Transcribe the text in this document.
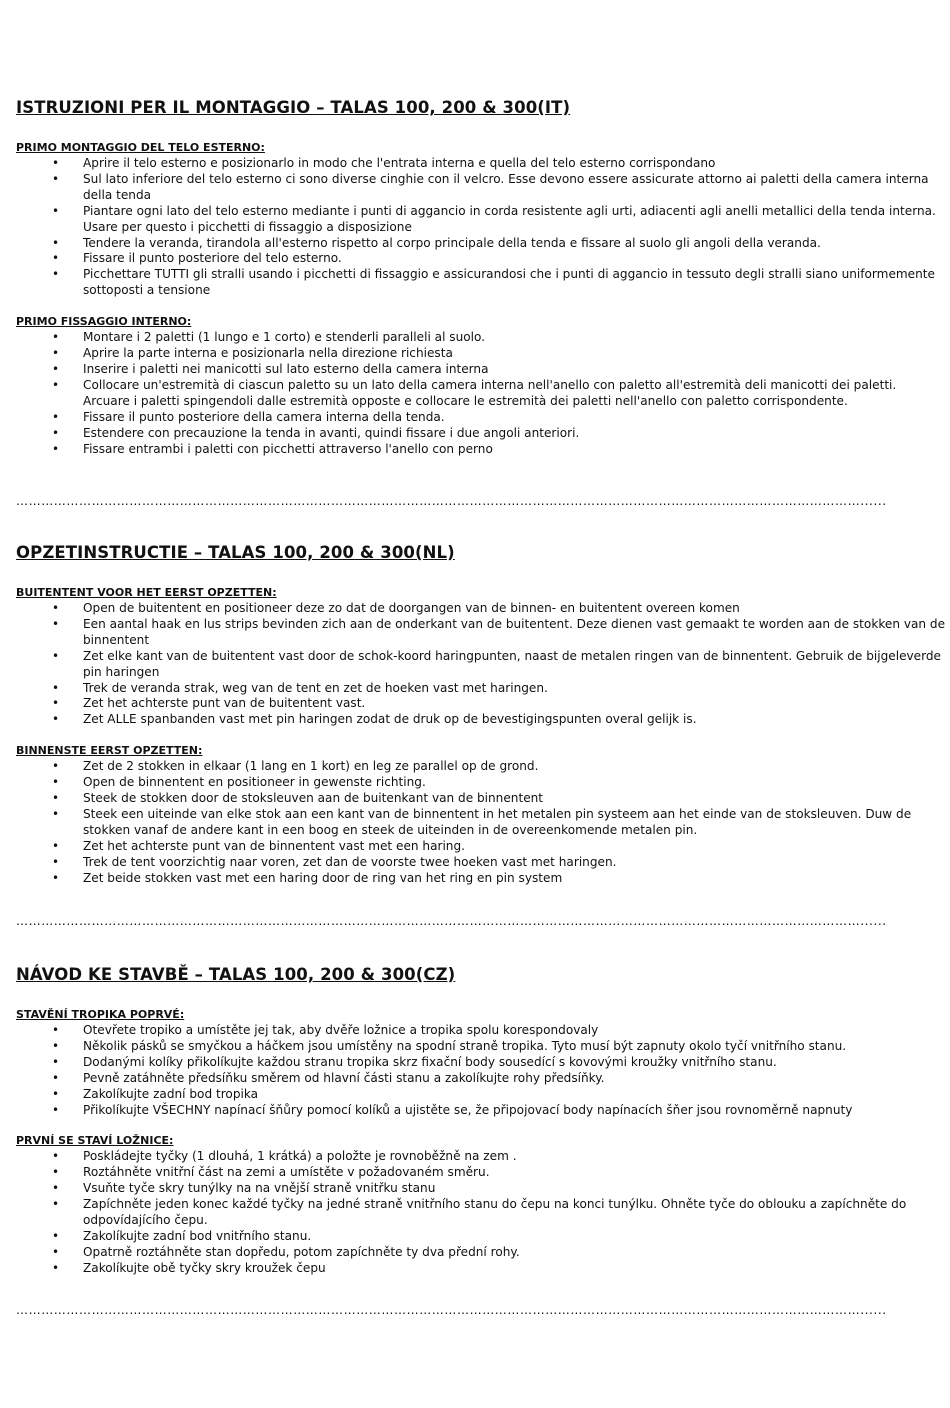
ISTRUZIONI PER IL MONTAGGIO – TALAS 100, 200 & 300(IT)
PRIMO MONTAGGIO DEL TELO ESTERNO:
• Aprire il telo esterno e posizionarlo in modo che l'entrata interna e quella del telo esterno corrispondano
• Sul lato inferiore del telo esterno ci sono diverse cinghie con il velcro. Esse devono essere assicurate attorno ai paletti della camera interna della tenda
• Piantare ogni lato del telo esterno mediante i punti di aggancio in corda resistente agli urti, adiacenti agli anelli metallici della tenda interna. Usare per questo i picchetti di fissaggio a disposizione
• Tendere la veranda, tirandola all'esterno rispetto al corpo principale della tenda e fissare al suolo gli angoli della veranda.
• Fissare il punto posteriore del telo esterno.
• Picchettare TUTTI gli stralli usando i picchetti di fissaggio e assicurandosi che i punti di aggancio in tessuto degli stralli siano uniformemente sottoposti a tensione
PRIMO FISSAGGIO INTERNO:
• Montare i 2 paletti (1 lungo e 1 corto) e stenderli paralleli al suolo.
• Aprire la parte interna e posizionarla nella direzione richiesta
• Inserire i paletti nei manicotti sul lato esterno della camera interna
• Collocare un'estremità di ciascun paletto su un lato della camera interna nell'anello con paletto all'estremità deli manicotti dei paletti. Arcuare i paletti spingendoli dalle estremità opposte e collocare le estremità dei paletti nell'anello con paletto corrispondente.
• Fissare il punto posteriore della camera interna della tenda.
• Estendere con precauzione la tenda in avanti, quindi fissare i due angoli anteriori.
• Fissare entrambi i paletti con picchetti attraverso l'anello con perno
…………………………………………………………………………………………………………………………………………………………………………………......
OPZETINSTRUCTIE – TALAS 100, 200 & 300(NL)
BUITENTENT VOOR HET EERST OPZETTEN:
• Open de buitentent en positioneer deze zo dat de doorgangen van de binnen- en buitentent overeen komen
• Een aantal haak en lus strips bevinden zich aan de onderkant van de buitentent. Deze dienen vast gemaakt te worden aan de stokken van de binnentent
• Zet elke kant van de buitentent vast door de schok-koord haringpunten, naast de metalen ringen van de binnentent. Gebruik de bijgeleverde pin haringen
• Trek de veranda strak, weg van de tent en zet de hoeken vast met haringen.
• Zet het achterste punt van de buitentent vast.
• Zet ALLE spanbanden vast met pin haringen zodat de druk op de bevestigingspunten overal gelijk is.
BINNENSTE EERST OPZETTEN:
• Zet de 2 stokken in elkaar (1 lang en 1 kort) en leg ze parallel op de grond.
• Open de binnentent en positioneer in gewenste richting.
• Steek de stokken door de stoksleuven aan de buitenkant van de binnentent
• Steek een uiteinde van elke stok aan een kant van de binnentent in het metalen pin systeem aan het einde van de stoksleuven. Duw de stokken vanaf de andere kant in een boog en steek de uiteinden in de overeenkomende metalen pin.
• Zet het achterste punt van de binnentent vast met een haring.
• Trek de tent voorzichtig naar voren, zet dan de voorste twee hoeken vast met haringen.
• Zet beide stokken vast met een haring door de ring van het ring en pin system
…………………………………………………………………………………………………………………………………………………………………………………......
NÁVOD KE STAVBĚ – TALAS 100, 200 & 300(CZ)
STAVĚNÍ TROPIKA POPRVÉ:
• Otevřete tropiko a umístěte jej tak, aby dvěře ložnice a tropika spolu korespondovaly
• Několik pásků se smyčkou a háčkem jsou umístěny na spodní straně tropika. Tyto musí být zapnuty okolo tyčí vnitřního stanu.
• Dodanými kolíky přikolíkujte každou stranu tropika skrz fixační body sousedící s kovovými kroužky vnitřního stanu.
• Pevně zatáhněte předsíňku směrem od hlavní části stanu a zakolíkujte rohy předsíňky.
• Zakolíkujte zadní bod tropika
• Přikolíkujte VŠECHNY napínací šňůry pomocí kolíků a ujistěte se, že připojovací body napínacích šňer jsou rovnoměrně napnuty
PRVNÍ SE STAVÍ LOŽNICE:
• Poskládejte tyčky (1 dlouhá, 1 krátká) a položte je rovnoběžně na zem .
• Roztáhněte vnitřní část na zemi a umístěte v požadovaném směru.
• Vsuňte tyče skry tunýlky na na vnější straně vnitřku stanu
• Zapíchněte jeden konec každé tyčky na jedné straně vnitřního stanu do čepu na konci tunýlku. Ohněte tyče do oblouku a zapíchněte do odpovídajícího čepu.
• Zakolíkujte zadní bod vnitřního stanu.
• Opatrně roztáhněte stan dopředu, potom zapíchněte ty dva přední rohy.
• Zakolíkujte obě tyčky skry kroužek čepu
…………………………………………………………………………………………………………………………………………………………………………………......
